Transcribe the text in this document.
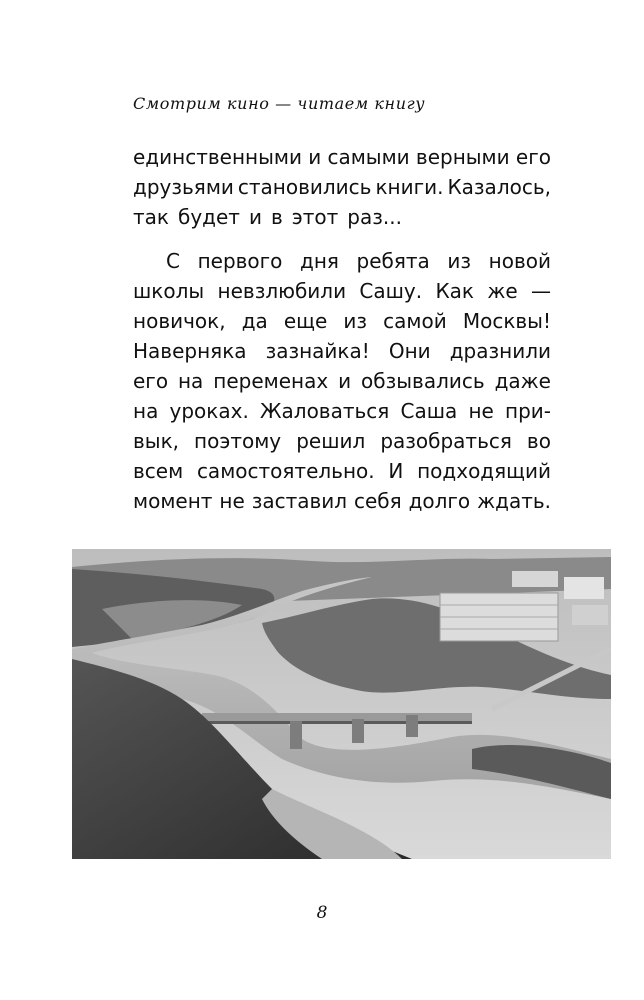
Смотрим кино — читаем книгу
единственными и самыми верными его
друзьями становились книги. Казалось,
так будет и в этот раз...
С первого дня ребята из новой
школы невзлюбили Сашу. Как же —
новичок, да еще из самой Москвы!
Наверняка зазнайка! Они дразнили
его на переменах и обзывались даже
на уроках. Жаловаться Саша не при-
вык, поэтому решил разобраться во
всем самостоятельно. И подходящий
момент не заставил себя долго ждать.
8
